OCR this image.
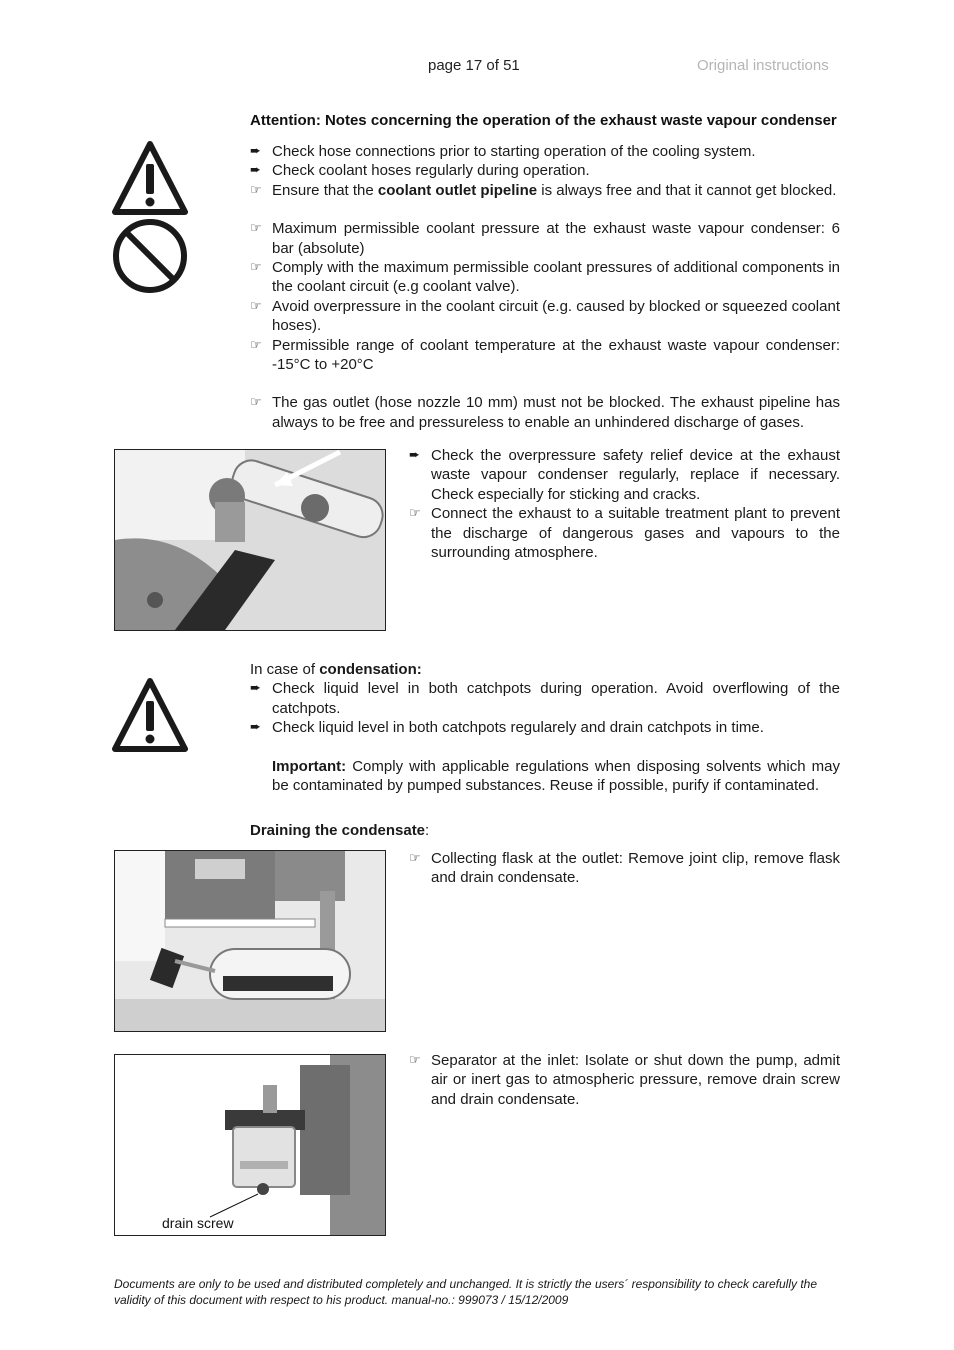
page 17 of 51	Original instructions
Attention: Notes concerning the operation of the exhaust waste vapour condenser
➨ Check hose connections prior to starting operation of the cooling system.
➨ Check coolant hoses regularly during operation.
☞ Ensure that the coolant outlet pipeline is always free and that it cannot get blocked.
☞ Maximum permissible coolant pressure at the exhaust waste vapour condenser: 6 bar (absolute)
☞ Comply with the maximum permissible coolant pressures of additional components in the coolant circuit (e.g coolant valve).
☞ Avoid overpressure in the coolant circuit (e.g. caused by blocked or squeezed coolant hoses).
☞ Permissible range of coolant temperature at the exhaust waste vapour condenser: -15°C to +20°C
☞ The gas outlet (hose nozzle 10 mm) must not be blocked. The exhaust pipeline has always to be free and pressureless to enable an unhindered discharge of gases.
➨ Check the overpressure safety relief device at the exhaust waste vapour condenser regularly, replace if necessary. Check especially for sticking and cracks.
☞ Connect the exhaust to a suitable treatment plant to prevent the discharge of dangerous gases and vapours to the surrounding atmosphere.
In case of condensation:
➨ Check liquid level in both catchpots during operation. Avoid overflowing of the catchpots.
➨ Check liquid level in both catchpots regularely and drain catchpots in time.
Important: Comply with applicable regulations when disposing solvents which may be contaminated by pumped substances. Reuse if possible, purify if contaminated.
Draining the condensate:
☞ Collecting flask at the outlet: Remove joint clip, remove flask and drain condensate.
drain screw
☞ Separator at the inlet: Isolate or shut down the pump, admit air or inert gas to atmospheric pressure, remove drain screw and drain condensate.
Documents are only to be used and distributed completely and unchanged. It is strictly the users´ responsibility to check carefully the validity of this document with respect to his product. manual-no.: 999073 / 15/12/2009
